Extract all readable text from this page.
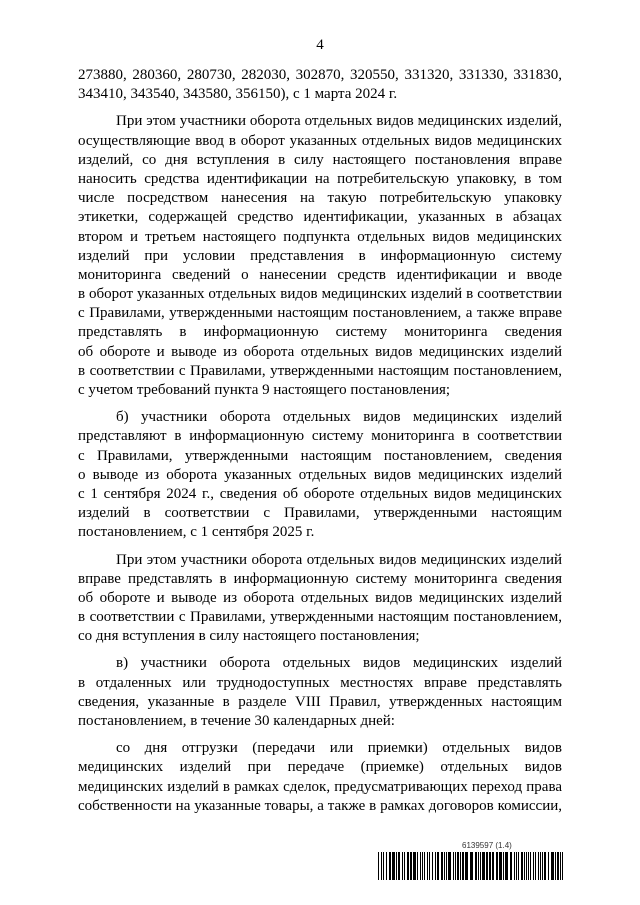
4
273880, 280360, 280730, 282030, 302870, 320550, 331320, 331330, 331830,
343410, 343540, 343580, 356150), с 1 марта 2024 г.
При этом участники оборота отдельных видов медицинских изделий,
осуществляющие ввод в оборот указанных отдельных видов медицинских
изделий, со дня вступления в силу настоящего постановления вправе
наносить средства идентификации на потребительскую упаковку, в том
числе посредством нанесения на такую потребительскую упаковку
этикетки, содержащей средство идентификации, указанных в абзацах
втором и третьем настоящего подпункта отдельных видов медицинских
изделий при условии представления в информационную систему
мониторинга сведений о нанесении средств идентификации и вводе
в оборот указанных отдельных видов медицинских изделий в соответствии
с Правилами, утвержденными настоящим постановлением, а также вправе
представлять в информационную систему мониторинга сведения
об обороте и выводе из оборота отдельных видов медицинских изделий
в соответствии с Правилами, утвержденными настоящим постановлением,
с учетом требований пункта 9 настоящего постановления;
б) участники оборота отдельных видов медицинских изделий
представляют в информационную систему мониторинга в соответствии
с Правилами, утвержденными настоящим постановлением, сведения
о выводе из оборота указанных отдельных видов медицинских изделий
с 1 сентября 2024 г., сведения об обороте отдельных видов медицинских
изделий в соответствии с Правилами, утвержденными настоящим
постановлением, с 1 сентября 2025 г.
При этом участники оборота отдельных видов медицинских изделий
вправе представлять в информационную систему мониторинга сведения
об обороте и выводе из оборота отдельных видов медицинских изделий
в соответствии с Правилами, утвержденными настоящим постановлением,
со дня вступления в силу настоящего постановления;
в) участники оборота отдельных видов медицинских изделий
в отдаленных или труднодоступных местностях вправе представлять
сведения, указанные в разделе VIII Правил, утвержденных настоящим
постановлением, в течение 30 календарных дней:
со дня отгрузки (передачи или приемки) отдельных видов
медицинских изделий при передаче (приемке) отдельных видов
медицинских изделий в рамках сделок, предусматривающих переход права
собственности на указанные товары, а также в рамках договоров комиссии,
6139597 (1.4)
